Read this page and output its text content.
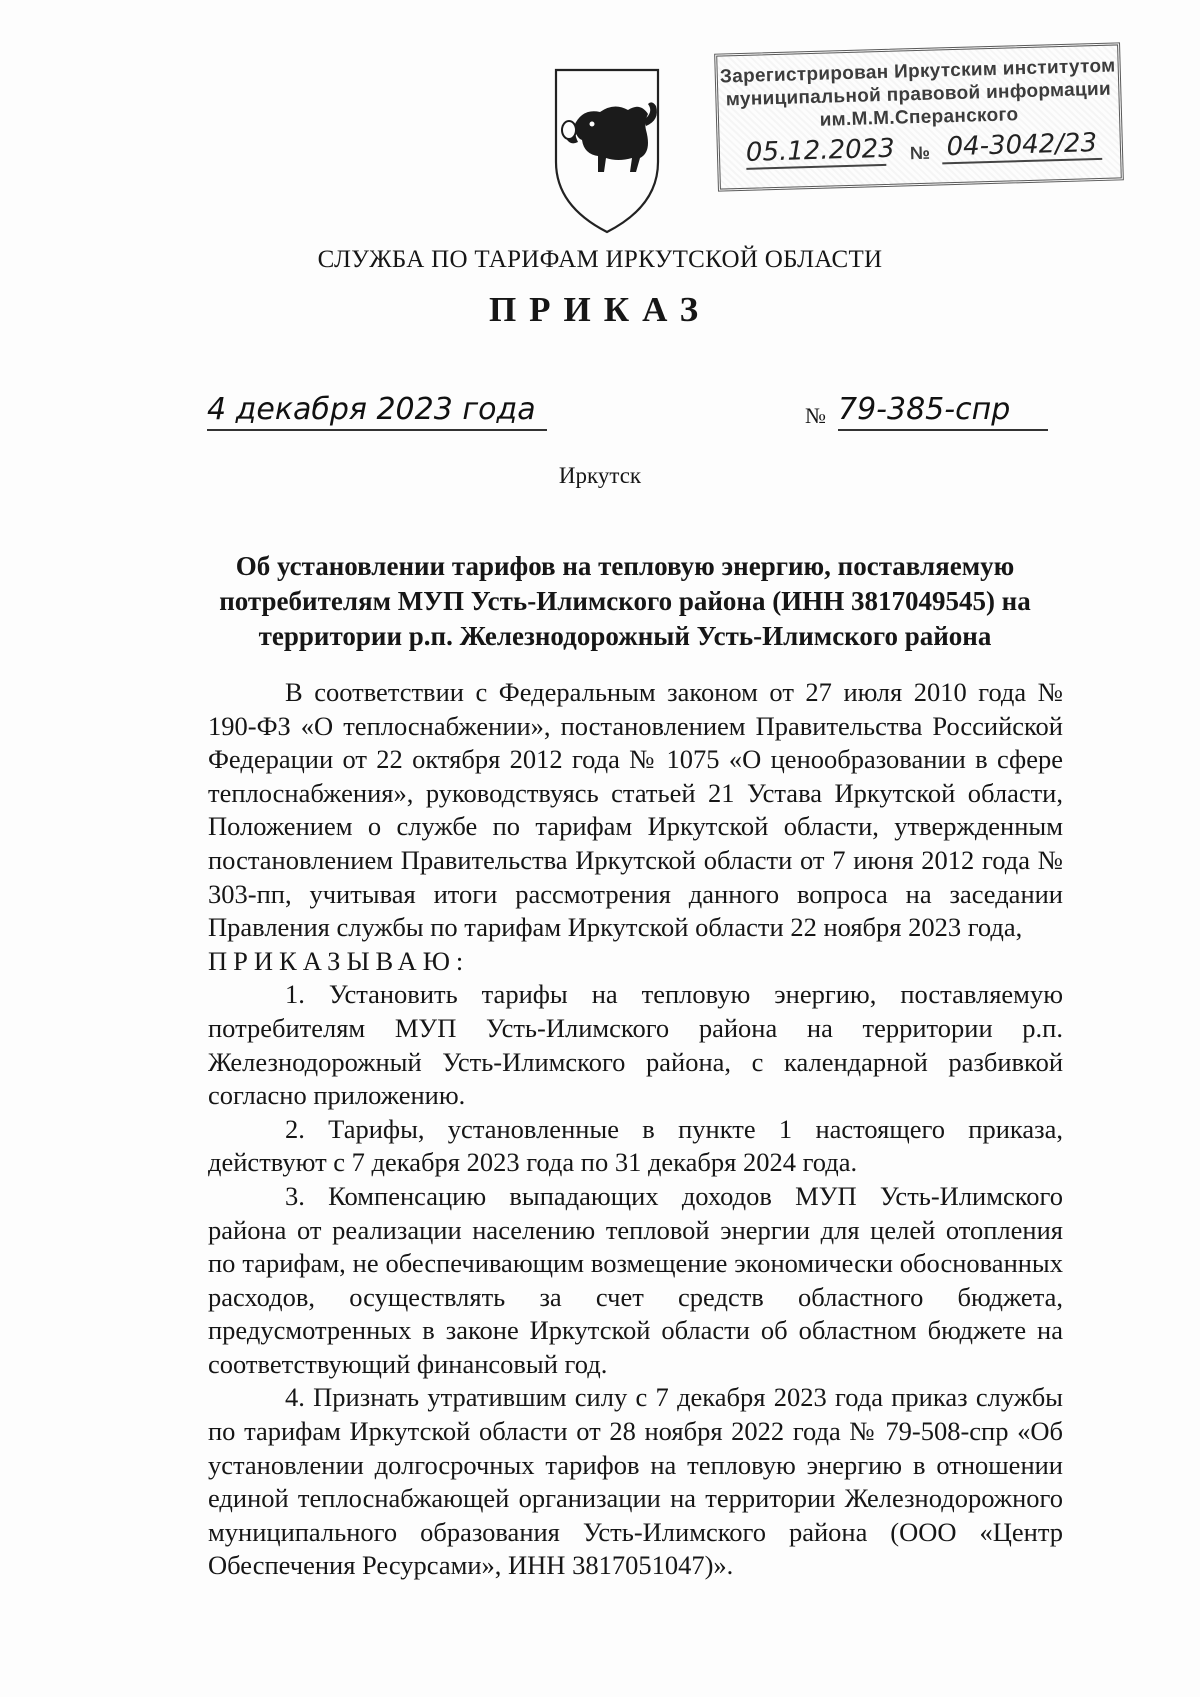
Зарегистрирован Иркутским институтом
муниципальной правовой информации
им.М.М.Сперанского
05.12.2023 № 04-3042/23
СЛУЖБА ПО ТАРИФАМ ИРКУТСКОЙ ОБЛАСТИ
ПРИКАЗ
4 декабря 2023 года	№ 79-385-спр
Иркутск
Об установлении тарифов на тепловую энергию, поставляемую потребителям МУП Усть-Илимского района (ИНН 3817049545) на территории р.п. Железнодорожный Усть-Илимского района

В соответствии с Федеральным законом от 27 июля 2010 года № 190-ФЗ «О теплоснабжении», постановлением Правительства Российской Федерации от 22 октября 2012 года № 1075 «О ценообразовании в сфере теплоснабжения», руководствуясь статьей 21 Устава Иркутской области, Положением о службе по тарифам Иркутской области, утвержденным постановлением Правительства Иркутской области от 7 июня 2012 года № 303-пп, учитывая итоги рассмотрения данного вопроса на заседании Правления службы по тарифам Иркутской области 22 ноября 2023 года,

ПРИКАЗЫВАЮ:

1. Установить тарифы на тепловую энергию, поставляемую потребителям МУП Усть-Илимского района на территории р.п. Железнодорожный Усть-Илимского района, с календарной разбивкой согласно приложению.

2. Тарифы, установленные в пункте 1 настоящего приказа, действуют с 7 декабря 2023 года по 31 декабря 2024 года.

3. Компенсацию выпадающих доходов МУП Усть-Илимского района от реализации населению тепловой энергии для целей отопления по тарифам, не обеспечивающим возмещение экономически обоснованных расходов, осуществлять за счет средств областного бюджета, предусмотренных в законе Иркутской области об областном бюджете на соответствующий финансовый год.

4. Признать утратившим силу с 7 декабря 2023 года приказ службы по тарифам Иркутской области от 28 ноября 2022 года № 79-508-спр «Об установлении долгосрочных тарифов на тепловую энергию в отношении единой теплоснабжающей организации на территории Железнодорожного муниципального образования Усть-Илимского района (ООО «Центр Обеспечения Ресурсами», ИНН 3817051047)».
